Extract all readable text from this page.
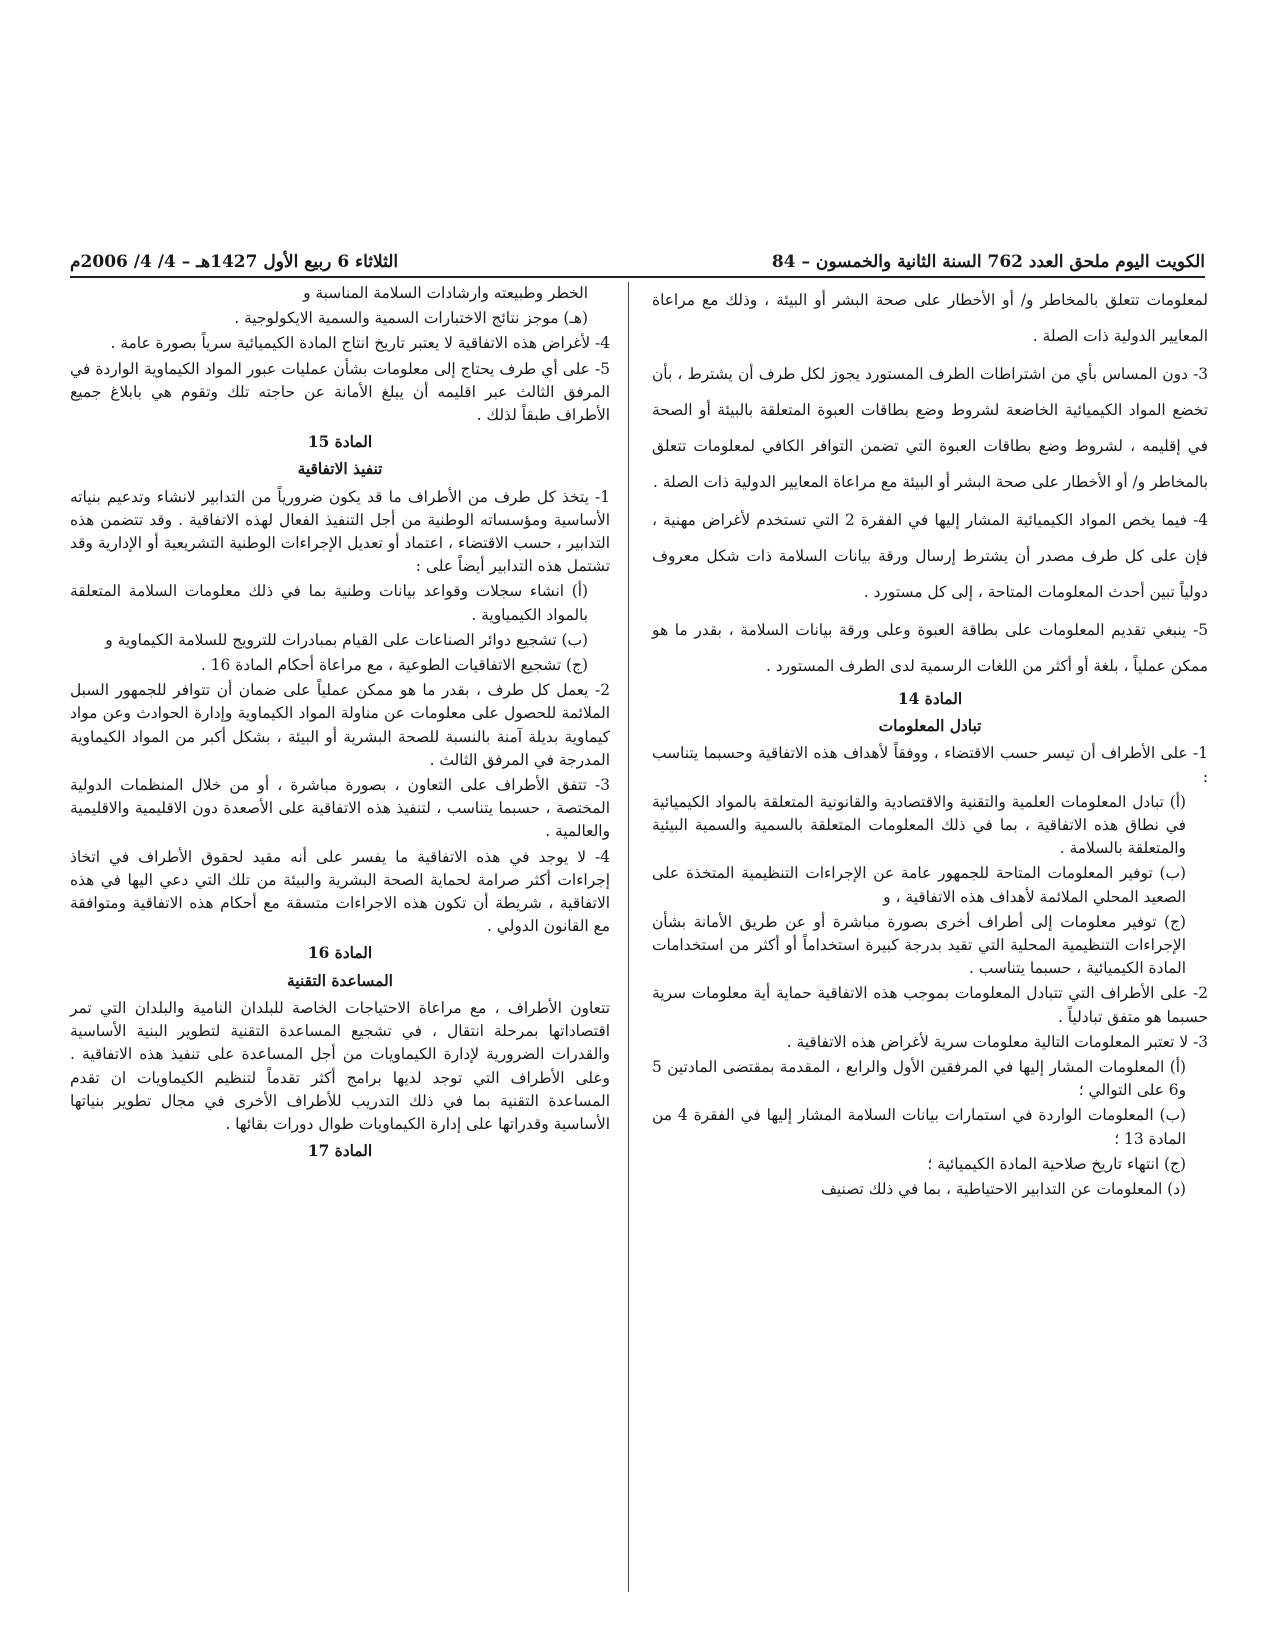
الكويت اليوم ملحق العدد 762 السنة الثانية والخمسون – 84
الثلاثاء 6 ربيع الأول 1427هـ – 4/ 4/ 2006م

لمعلومات تتعلق بالمخاطر و/ أو الأخطار على صحة البشر أو البيئة ، وذلك مع مراعاة المعايير الدولية ذات الصلة .

3- دون المساس بأي من اشتراطات الطرف المستورد يجوز لكل طرف أن يشترط ، بأن تخضع المواد الكيميائية الخاضعة لشروط وضع بطاقات العبوة المتعلقة بالبيئة أو الصحة في إقليمه ، لشروط وضع بطاقات العبوة التي تضمن التوافر الكافي لمعلومات تتعلق بالمخاطر و/ أو الأخطار على صحة البشر أو البيئة مع مراعاة المعايير الدولية ذات الصلة .

4- فيما يخص المواد الكيميائية المشار إليها في الفقرة 2 التي تستخدم لأغراض مهنية ، فإن على كل طرف مصدر أن يشترط إرسال ورقة بيانات السلامة ذات شكل معروف دولياً تبين أحدث المعلومات المتاحة ، إلى كل مستورد .

5- ينبغي تقديم المعلومات على بطاقة العبوة وعلى ورقة بيانات السلامة ، بقدر ما هو ممكن عملياً ، بلغة أو أكثر من اللغات الرسمية لدى الطرف المستورد .

المادة 14

تبادل المعلومات

1- على الأطراف أن تيسر حسب الاقتضاء ، ووفقاً لأهداف هذه الاتفاقية وحسبما يتناسب :

(أ) تبادل المعلومات العلمية والتقنية والاقتصادية والقانونية المتعلقة بالمواد الكيميائية في نطاق هذه الاتفاقية ، بما في ذلك المعلومات المتعلقة بالسمية والسمية البيئية والمتعلقة بالسلامة .

(ب) توفير المعلومات المتاحة للجمهور عامة عن الإجراءات التنظيمية المتخذة على الصعيد المحلي الملائمة لأهداف هذه الاتفاقية ، و

(ج) توفير معلومات إلى أطراف أخرى بصورة مباشرة أو عن طريق الأمانة بشأن الإجراءات التنظيمية المحلية التي تقيد بدرجة كبيرة استخداماً أو أكثر من استخدامات المادة الكيميائية ، حسبما يتناسب .

2- على الأطراف التي تتبادل المعلومات بموجب هذه الاتفاقية حماية أية معلومات سرية حسبما هو متفق تبادلياً .

3- لا تعتبر المعلومات التالية معلومات سرية لأغراض هذه الاتفاقية .

(أ) المعلومات المشار إليها في المرفقين الأول والرابع ، المقدمة بمقتضى المادتين 5 و6 على التوالي ؛

(ب) المعلومات الواردة في استمارات بيانات السلامة المشار إليها في الفقرة 4 من المادة 13 ؛

(ج) انتهاء تاريخ صلاحية المادة الكيميائية ؛

(د) المعلومات عن التدابير الاحتياطية ، بما في ذلك تصنيف

الخطر وطبيعته وارشادات السلامة المناسبة و

(هـ) موجز نتائج الاختبارات السمية والسمية الايكولوجية .

4- لأغراض هذه الاتفاقية لا يعتبر تاريخ انتاج المادة الكيميائية سرياً بصورة عامة .

5- على أي طرف يحتاج إلى معلومات بشأن عمليات عبور المواد الكيماوية الواردة في المرفق الثالث عبر اقليمه أن يبلغ الأمانة عن حاجته تلك وتقوم هي بابلاغ جميع الأطراف طبقاً لذلك .

المادة 15

تنفيذ الاتفاقية

1- يتخذ كل طرف من الأطراف ما قد يكون ضرورياً من التدابير لانشاء وتدعيم بنياته الأساسية ومؤسساته الوطنية من أجل التنفيذ الفعال لهذه الاتفاقية . وقد تتضمن هذه التدابير ، حسب الاقتضاء ، اعتماد أو تعديل الإجراءات الوطنية التشريعية أو الإدارية وقد تشتمل هذه التدابير أيضاً على :

(أ) انشاء سجلات وقواعد بيانات وطنية بما في ذلك معلومات السلامة المتعلقة بالمواد الكيمياوية .

(ب) تشجيع دوائر الصناعات على القيام بمبادرات للترويج للسلامة الكيماوية و

(ج) تشجيع الاتفاقيات الطوعية ، مع مراعاة أحكام المادة 16 .

2- يعمل كل طرف ، بقدر ما هو ممكن عملياً على ضمان أن تتوافر للجمهور السبل الملائمة للحصول على معلومات عن مناولة المواد الكيماوية وإدارة الحوادث وعن مواد كيماوية بديلة آمنة بالنسبة للصحة البشرية أو البيئة ، بشكل أكبر من المواد الكيماوية المدرجة في المرفق الثالث .

3- تتفق الأطراف على التعاون ، بصورة مباشرة ، أو من خلال المنظمات الدولية المختصة ، حسبما يتناسب ، لتنفيذ هذه الاتفاقية على الأصعدة دون الاقليمية والاقليمية والعالمية .

4- لا يوجد في هذه الاتفاقية ما يفسر على أنه مقيد لحقوق الأطراف في اتخاذ إجراءات أكثر صرامة لحماية الصحة البشرية والبيئة من تلك التي دعي اليها في هذه الاتفاقية ، شريطة أن تكون هذه الاجراءات متسقة مع أحكام هذه الاتفاقية ومتوافقة مع القانون الدولي .

المادة 16

المساعدة التقنية

تتعاون الأطراف ، مع مراعاة الاحتياجات الخاصة للبلدان النامية والبلدان التي تمر اقتصاداتها بمرحلة انتقال ، في تشجيع المساعدة التقنية لتطوير البنية الأساسية والقدرات الضرورية لإدارة الكيماويات من أجل المساعدة على تنفيذ هذه الاتفاقية . وعلى الأطراف التي توجد لديها برامج أكثر تقدماً لتنظيم الكيماويات ان تقدم المساعدة التقنية بما في ذلك التدريب للأطراف الأخرى في مجال تطوير بنياتها الأساسية وقدراتها على إدارة الكيماويات طوال دورات بقائها .

المادة 17
